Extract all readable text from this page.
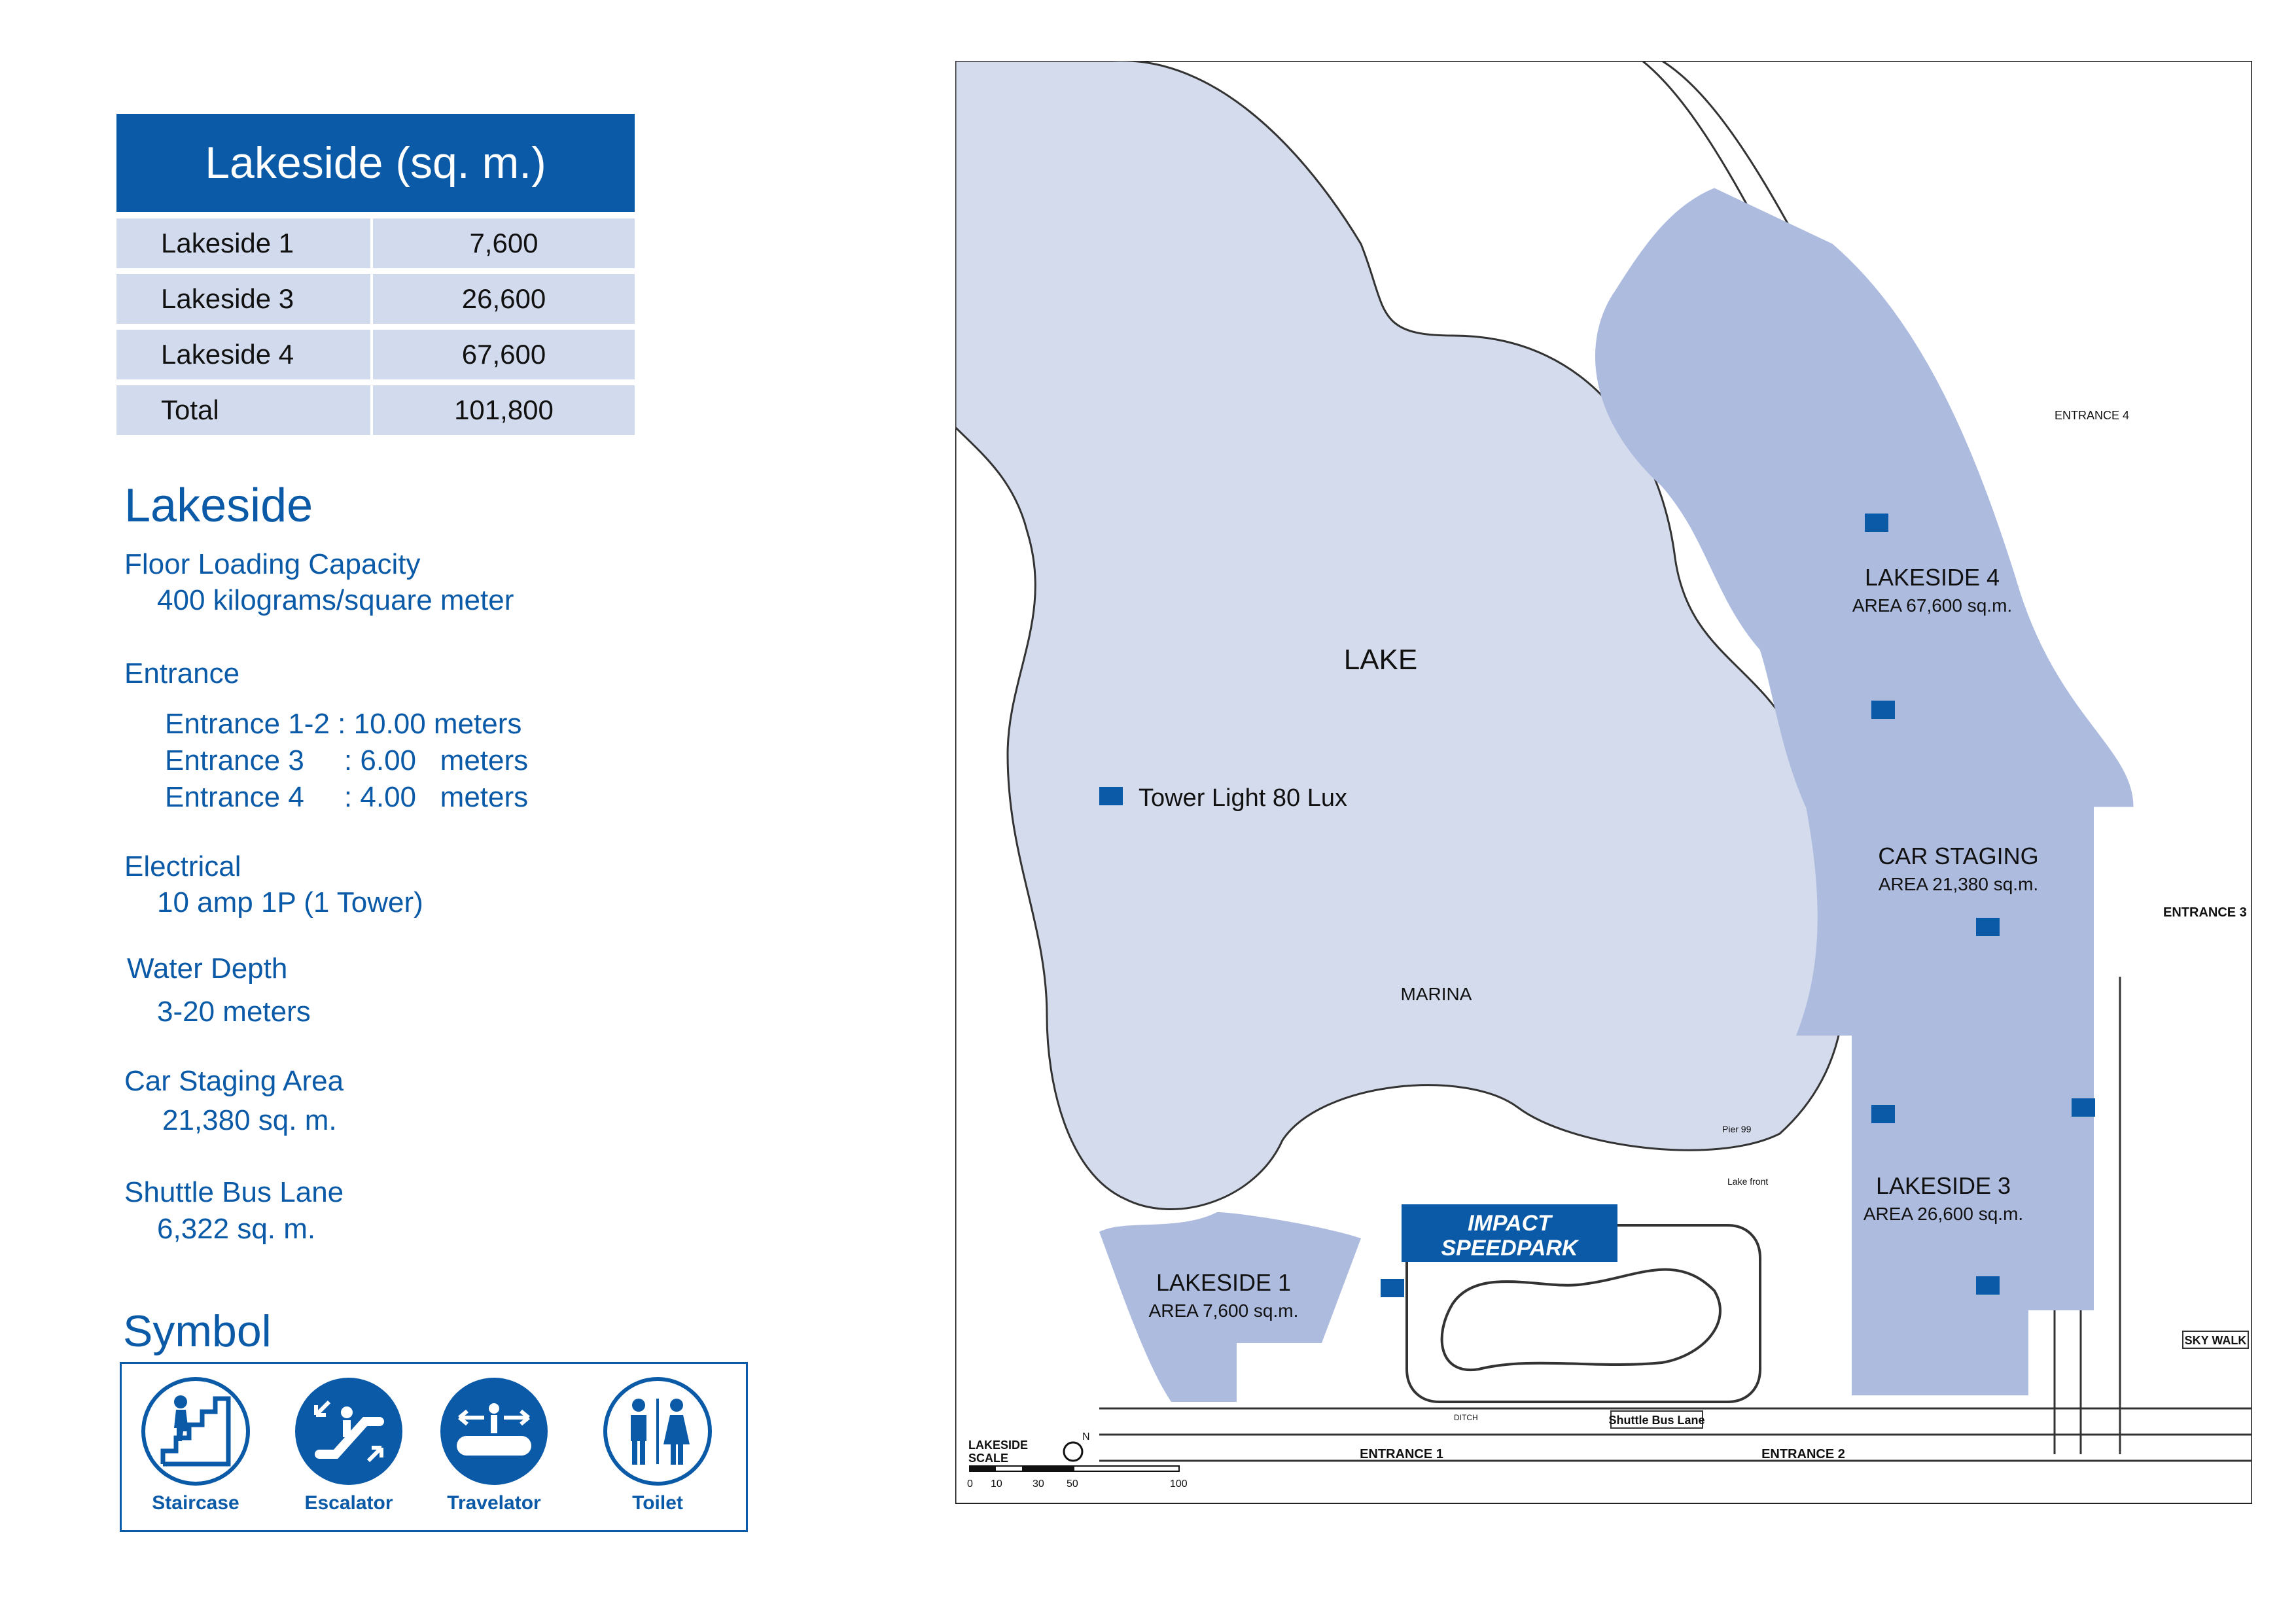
Lakeside (sq. m.)
Lakeside 1	7,600
Lakeside 3	26,600
Lakeside 4	67,600
Total	101,800
Lakeside
Floor Loading Capacity
400 kilograms/square meter
Entrance
Entrance 1-2 : 10.00 meters
Entrance 3     : 6.00   meters
Entrance 4     : 4.00   meters
Electrical
10 amp 1P (1 Tower)
Water Depth
3-20 meters
Car Staging Area
21,380 sq. m.
Shuttle Bus Lane
6,322 sq. m.
Symbol
Staircase	Escalator	Travelator	Toilet
IMPACT
SPEEDPARK
LAKE
Tower Light 80 Lux
MARINA
LAKESIDE 4
AREA 67,600 sq.m.
CAR STAGING
AREA 21,380 sq.m.
LAKESIDE 3
AREA 26,600 sq.m.
LAKESIDE 1
AREA 7,600 sq.m.
ENTRANCE 4
ENTRANCE 3
ENTRANCE 1	ENTRANCE 2
Shuttle Bus Lane
SKY WALK
Pier 99
Lake front
DITCH
LAKESIDE
SCALE
0 10	30 50	100
N
